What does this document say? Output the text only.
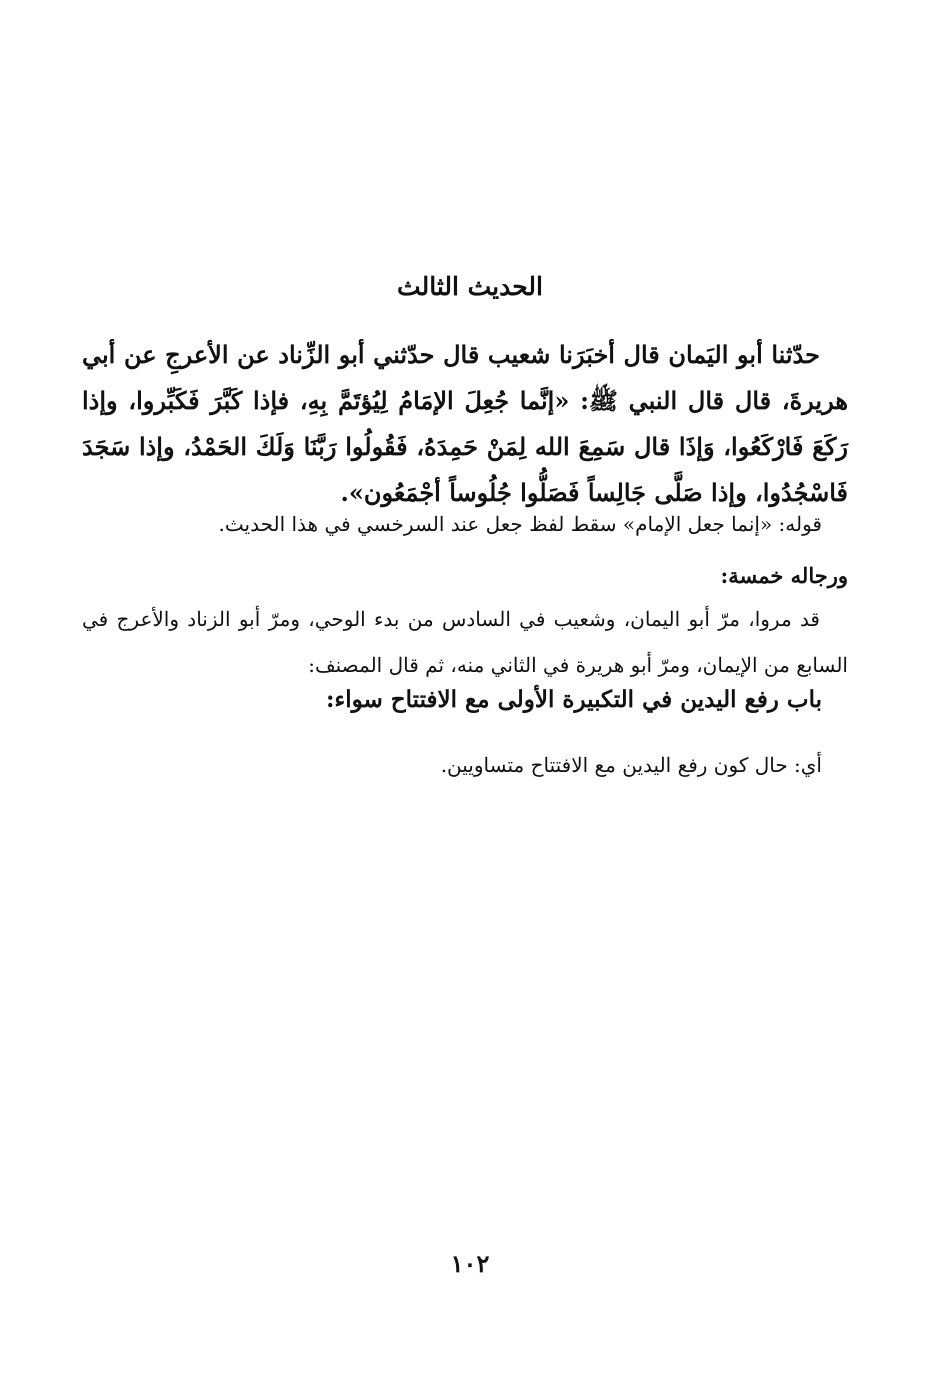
الحديث الثالث
حدّثنا أبو اليَمان قال أخبَرَنا شعيب قال حدّثني أبو الزِّناد عن الأعرجِ عن أبي هريرةَ، قال قال النبي ﷺ: «إنَّما جُعِلَ الإمَامُ لِيُؤتَمَّ بِهِ، فإذا كَبَّرَ فَكَبِّروا، وإذا رَكَعَ فَارْكَعُوا، وَإذَا قال سَمِعَ الله لِمَنْ حَمِدَهُ، فَقُولُوا رَبَّنَا وَلَكَ الحَمْدُ، وإذا سَجَدَ فَاسْجُدُوا، وإذا صَلَّى جَالِساً فَصَلُّوا جُلُوساً أجْمَعُون».
قوله: «إنما جعل الإمام» سقط لفظ جعل عند السرخسي في هذا الحديث.
ورجاله خمسة:
قد مروا، مرّ أبو اليمان، وشعيب في السادس من بدء الوحي، ومرّ أبو الزناد والأعرج في السابع من الإيمان، ومرّ أبو هريرة في الثاني منه، ثم قال المصنف:
باب رفع اليدين في التكبيرة الأولى مع الافتتاح سواء:
أي: حال كون رفع اليدين مع الافتتاح متساويين.
١٠٢
